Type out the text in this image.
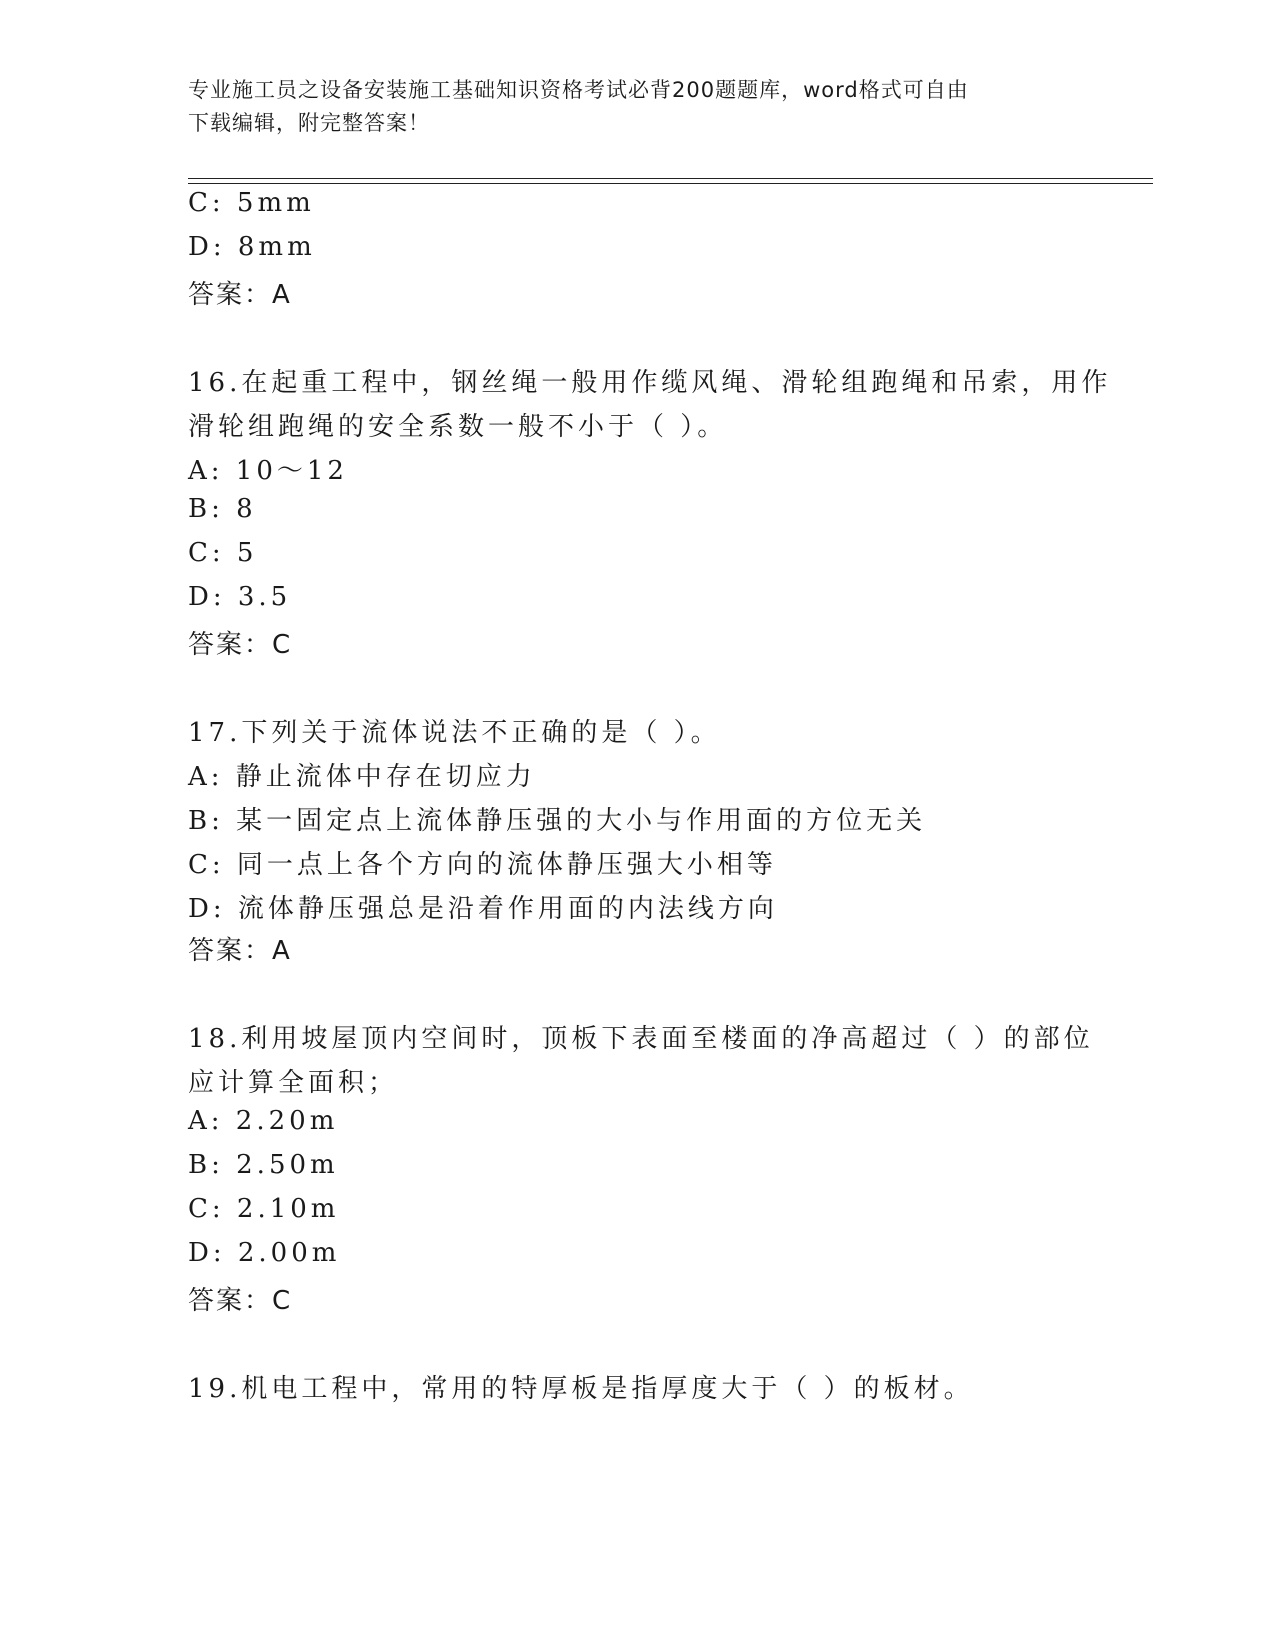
专业施工员之设备安装施工基础知识资格考试必背200题题库，word格式可自由
下载编辑，附完整答案！
C: 5mm
D: 8mm
答案：A
16.在起重工程中，钢丝绳一般用作缆风绳、滑轮组跑绳和吊索，用作
滑轮组跑绳的安全系数一般不小于（ ）。
A: 10～12
B: 8
C: 5
D: 3.5
答案：C
17.下列关于流体说法不正确的是（ ）。
A: 静止流体中存在切应力
B: 某一固定点上流体静压强的大小与作用面的方位无关
C: 同一点上各个方向的流体静压强大小相等
D: 流体静压强总是沿着作用面的内法线方向
答案：A
18.利用坡屋顶内空间时，顶板下表面至楼面的净高超过（ ）的部位
应计算全面积；
A: 2.20m
B: 2.50m
C: 2.10m
D: 2.00m
答案：C
19.机电工程中，常用的特厚板是指厚度大于（ ）的板材。
